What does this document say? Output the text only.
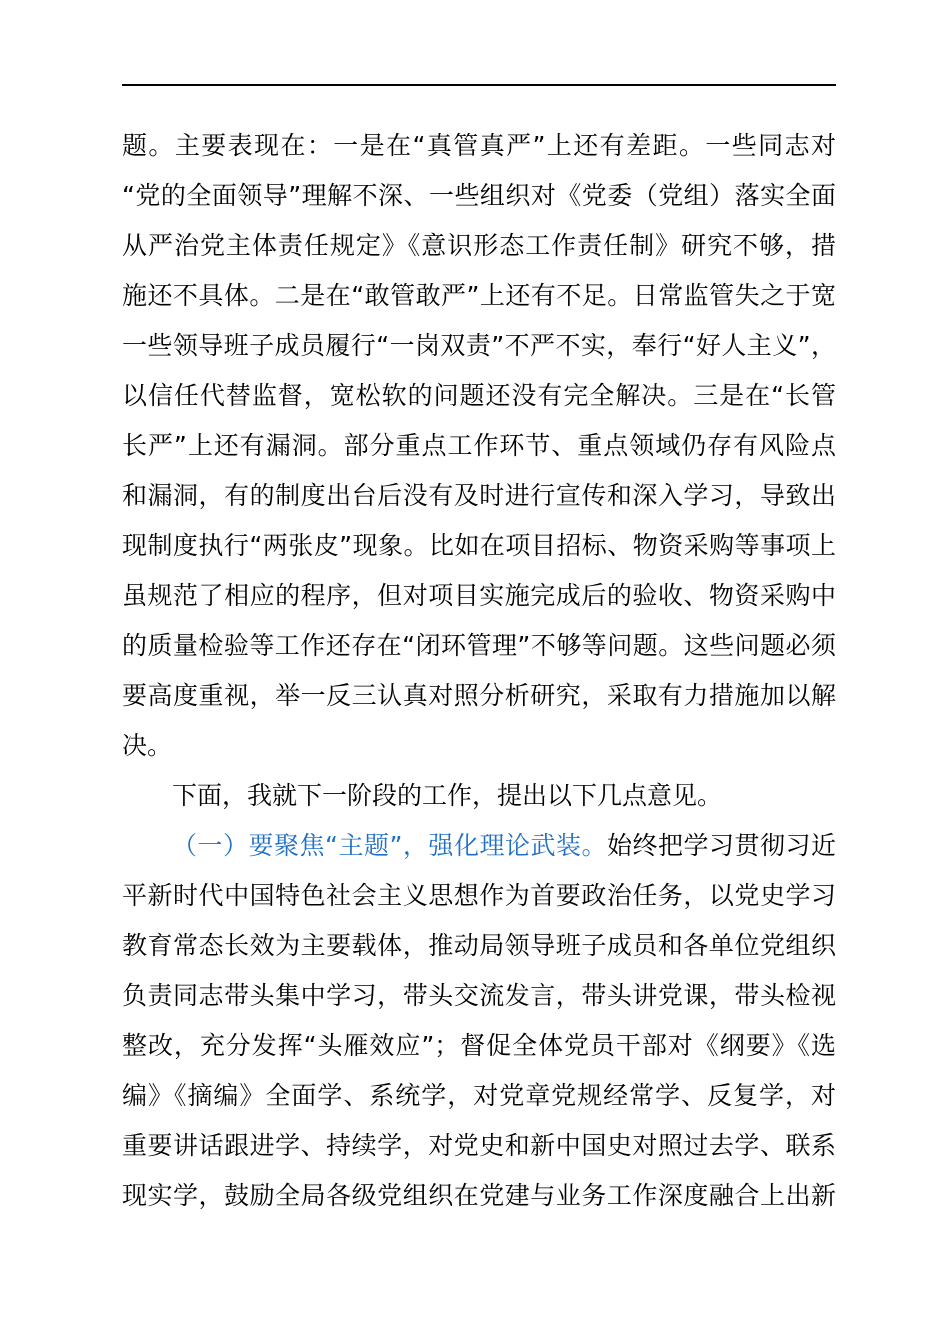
题。主要表现在：一是在“真管真严”上还有差距。一些同志对
“党的全面领导”理解不深、一些组织对《党委（党组）落实全面
从严治党主体责任规定》《意识形态工作责任制》研究不够，措
施还不具体。二是在“敢管敢严”上还有不足。日常监管失之于宽
一些领导班子成员履行“一岗双责”不严不实，奉行“好人主义”，
以信任代替监督，宽松软的问题还没有完全解决。三是在“长管
长严”上还有漏洞。部分重点工作环节、重点领域仍存有风险点
和漏洞，有的制度出台后没有及时进行宣传和深入学习，导致出
现制度执行“两张皮”现象。比如在项目招标、物资采购等事项上
虽规范了相应的程序，但对项目实施完成后的验收、物资采购中
的质量检验等工作还存在“闭环管理”不够等问题。这些问题必须
要高度重视，举一反三认真对照分析研究，采取有力措施加以解
决。
下面，我就下一阶段的工作，提出以下几点意见。
（一）要聚焦“主题”，强化理论武装。始终把学习贯彻习近
平新时代中国特色社会主义思想作为首要政治任务，以党史学习
教育常态长效为主要载体，推动局领导班子成员和各单位党组织
负责同志带头集中学习，带头交流发言，带头讲党课，带头检视
整改，充分发挥“头雁效应”；督促全体党员干部对《纲要》《选
编》《摘编》全面学、系统学，对党章党规经常学、反复学，对
重要讲话跟进学、持续学，对党史和新中国史对照过去学、联系
现实学，鼓励全局各级党组织在党建与业务工作深度融合上出新
